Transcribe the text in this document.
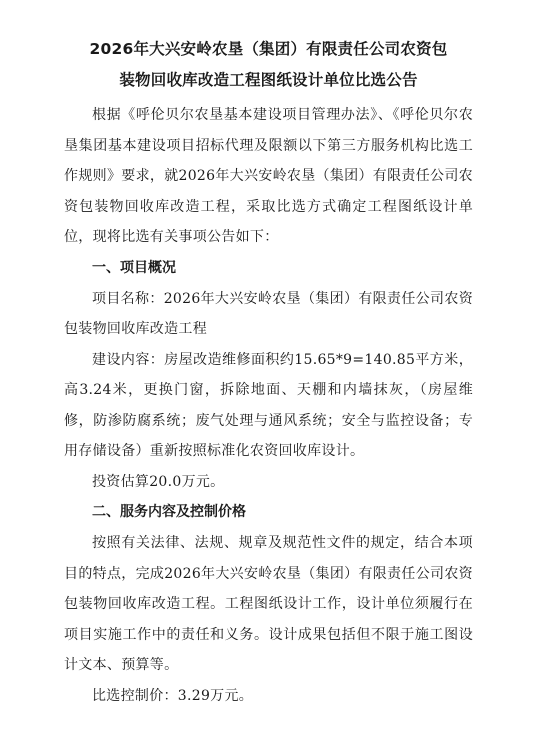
2026年大兴安岭农垦（集团）有限责任公司农资包
装物回收库改造工程图纸设计单位比选公告

根据《呼伦贝尔农垦基本建设项目管理办法》、《呼伦贝尔农垦集团基本建设项目招标代理及限额以下第三方服务机构比选工作规则》要求，就2026年大兴安岭农垦（集团）有限责任公司农资包装物回收库改造工程，采取比选方式确定工程图纸设计单位，现将比选有关事项公告如下：

一、项目概况

项目名称：2026年大兴安岭农垦（集团）有限责任公司农资包装物回收库改造工程

建设内容：房屋改造维修面积约15.65*9=140.85平方米，高3.24米，更换门窗，拆除地面、天棚和内墙抹灰，（房屋维修，防渗防腐系统；废气处理与通风系统；安全与监控设备；专用存储设备）重新按照标准化农资回收库设计。

投资估算20.0万元。

二、服务内容及控制价格

按照有关法律、法规、规章及规范性文件的规定，结合本项目的特点，完成2026年大兴安岭农垦（集团）有限责任公司农资包装物回收库改造工程。工程图纸设计工作，设计单位须履行在项目实施工作中的责任和义务。设计成果包括但不限于施工图设计文本、预算等。

比选控制价：3.29万元。
